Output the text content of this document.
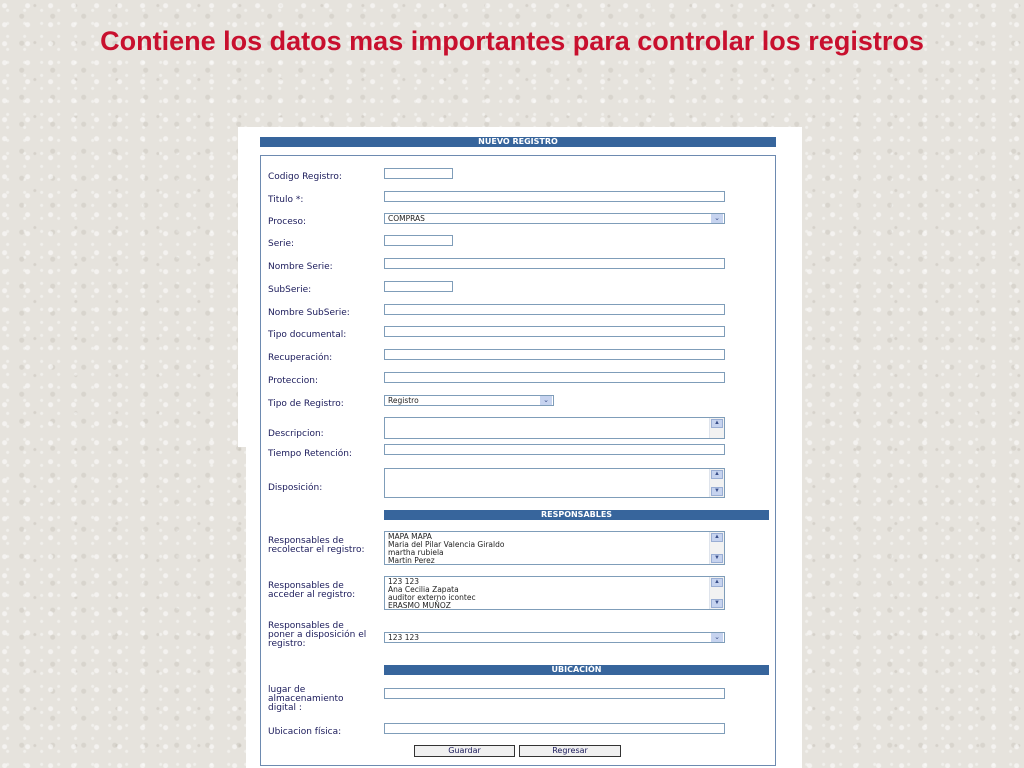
Contiene los datos mas importantes para controlar los registros
NUEVO REGISTRO
Codigo Registro:
Titulo *:
Proceso:	COMPRAS	⌄
Serie:
Nombre Serie:
SubSerie:
Nombre SubSerie:
Tipo documental:
Recuperación:
Proteccion:
Tipo de Registro:	Registro	⌄
Descripcion:
▲
Tiempo Retención:
Disposición:
▲
▼
RESPONSABLES
Responsables de
recolectar el registro:
MAPA MAPA
Maria del Pilar Valencia Giraldo
martha rubiela
Martin Perez
▲
▼
Responsables de
acceder al registro:
123 123
Ana Cecilia Zapata
auditor externo icontec
ERASMO MUÑOZ
▲
▼
Responsables de
poner a disposición el
registro:
123 123	⌄
UBICACIÓN
lugar de
almacenamiento
digital :
Ubicacion física:
Guardar	Regresar
